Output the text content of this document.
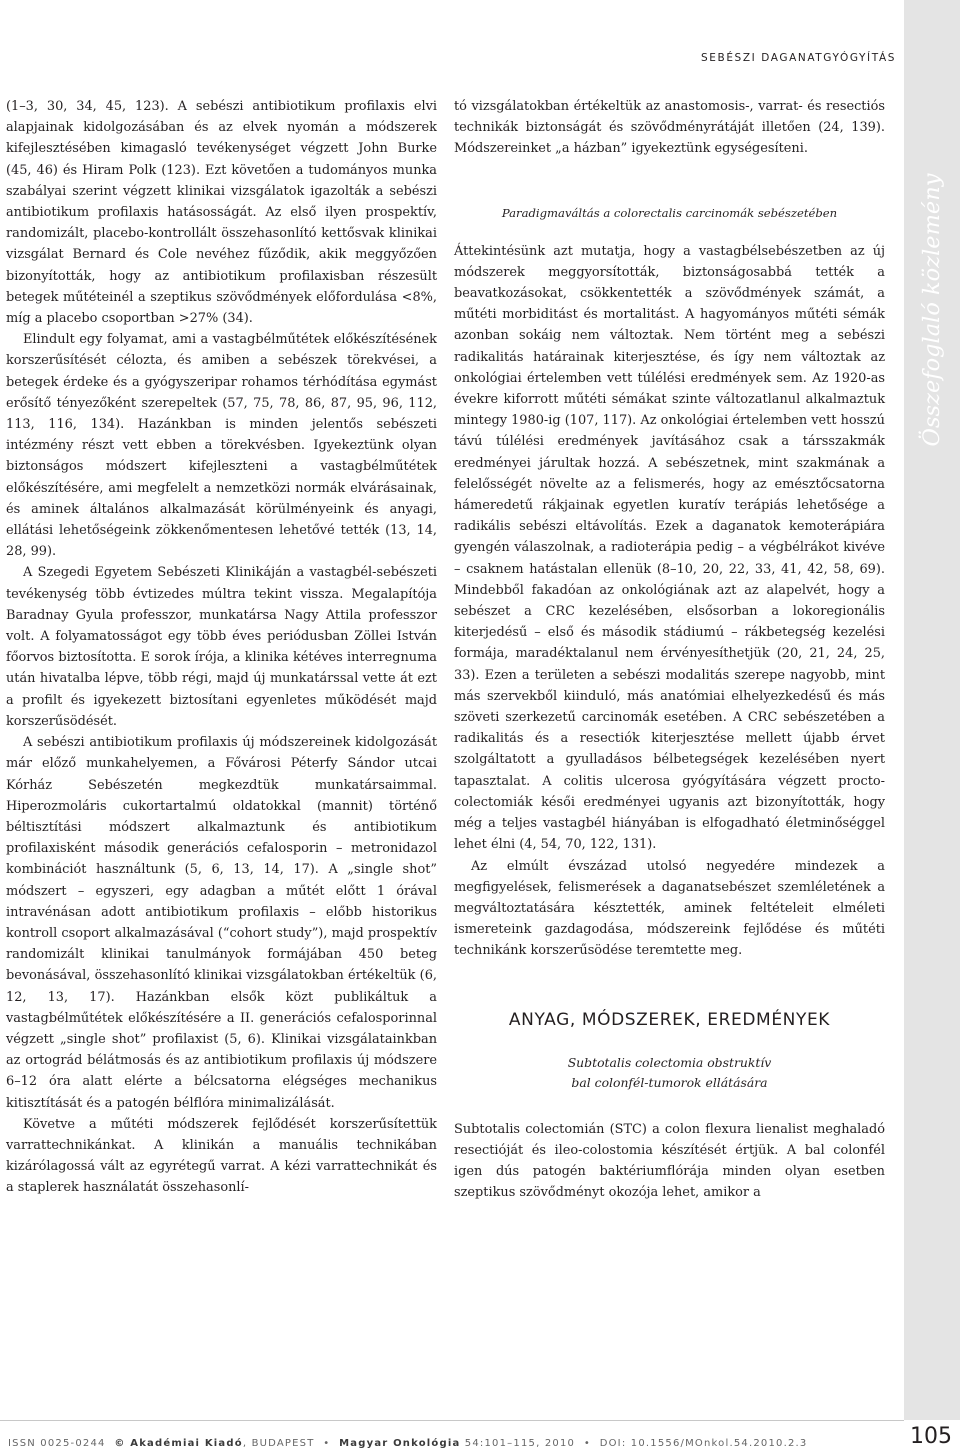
SEBÉSZI DAGANATGYÓGYÍTÁS
Összefoglaló közlemény

(1–3, 30, 34, 45, 123). A sebészi antibiotikum profilaxis elvi alapjainak kidolgozásában és az elvek nyomán a módszerek kifejlesztésében kimagasló tevékenységet végzett John Burke (45, 46) és Hiram Polk (123). Ezt követően a tudományos munka szabályai szerint végzett klinikai vizsgálatok igazolták a sebészi antibiotikum profilaxis hatásosságát. Az első ilyen prospektív, randomizált, placebo-kontrollált összehasonlító kettősvak klinikai vizsgálat Bernard és Cole nevéhez fűződik, akik meggyőzően bizonyították, hogy az antibiotikum profilaxisban részesült betegek műtéteinél a szeptikus szövődmények előfordulása <8%, míg a placebo csoportban >27% (34).

Elindult egy folyamat, ami a vastagbélműtétek előkészítésének korszerűsítését célozta, és amiben a sebészek törekvései, a betegek érdeke és a gyógyszeripar rohamos térhódítása egymást erősítő tényezőként szerepeltek (57, 75, 78, 86, 87, 95, 96, 112, 113, 116, 134). Hazánkban is minden jelentős sebészeti intézmény részt vett ebben a törekvésben. Igyekeztünk olyan biztonságos módszert kifejleszteni a vastagbélműtétek előkészítésére, ami megfelelt a nemzetközi normák elvárásainak, és aminek általános alkalmazását körülményeink és anyagi, ellátási lehetőségeink zökkenőmentesen lehetővé tették (13, 14, 28, 99).

A Szegedi Egyetem Sebészeti Klinikáján a vastagbél-sebészeti tevékenység több évtizedes múltra tekint vissza. Megalapítója Baradnay Gyula professzor, munkatársa Nagy Attila professzor volt. A folyamatosságot egy több éves periódusban Zöllei István főorvos biztosította. E sorok írója, a klinika kétéves interregnuma után hivatalba lépve, több régi, majd új munkatárssal vette át ezt a profilt és igyekezett biztosítani egyenletes működését majd korszerűsödését.

A sebészi antibiotikum profilaxis új módszereinek kidolgozását már előző munkahelyemen, a Fővárosi Péterfy Sándor utcai Kórház Sebészetén megkezdtük munkatársaimmal. Hiperozmoláris cukortartalmú oldatokkal (mannit) történő béltisztítási módszert alkalmaztunk és antibiotikum profilaxisként második generációs cefalosporin – metronidazol kombinációt használtunk (5, 6, 13, 14, 17). A „single shot” módszert – egyszeri, egy adagban a műtét előtt 1 órával intravénásan adott antibiotikum profilaxis – előbb historikus kontroll csoport alkalmazásával (“cohort study”), majd prospektív randomizált klinikai tanulmányok formájában 450 beteg bevonásával, összehasonlító klinikai vizsgálatokban értékeltük (6, 12, 13, 17). Hazánkban elsők közt publikáltuk a vastagbélműtétek előkészítésére a II. generációs cefalosporinnal végzett „single shot” profilaxist (5, 6). Klinikai vizsgálatainkban az ortográd bélátmosás és az antibiotikum profilaxis új módszere 6–12 óra alatt elérte a bélcsatorna elégséges mechanikus kitisztítását és a patogén bélflóra minimalizálását.

Követve a műtéti módszerek fejlődését korszerűsítettük varrattechnikánkat. A klinikán a manuális technikában kizárólagossá vált az egyrétegű varrat. A kézi varrattechnikát és a staplerek használatát összehasonlí-

tó vizsgálatokban értékeltük az anastomosis-, varrat- és resectiós technikák biztonságát és szövődményrátáját illetően (24, 139). Módszereinket „a házban” igyekeztünk egységesíteni.

Paradigmaváltás a colorectalis carcinomák sebészetében

Áttekintésünk azt mutatja, hogy a vastagbélsebészetben az új módszerek meggyorsították, biztonságosabbá tették a beavatkozásokat, csökkentették a szövődmények számát, a műtéti morbiditást és mortalitást. A hagyományos műtéti sémák azonban sokáig nem változtak. Nem történt meg a sebészi radikalitás határainak kiterjesztése, és így nem változtak az onkológiai értelemben vett túlélési eredmények sem. Az 1920-as évekre kiforrott műtéti sémákat szinte változatlanul alkalmaztuk mintegy 1980-ig (107, 117). Az onkológiai értelemben vett hosszú távú túlélési eredmények javításához csak a társszakmák eredményei járultak hozzá. A sebészetnek, mint szakmának a felelősségét növelte az a felismerés, hogy az emésztőcsatorna hámeredetű rákjainak egyetlen kuratív terápiás lehetősége a radikális sebészi eltávolítás. Ezek a daganatok kemoterápiára gyengén válaszolnak, a radioterápia pedig – a végbélrákot kivéve – csaknem hatástalan ellenük (8–10, 20, 22, 33, 41, 42, 58, 69). Mindebből fakadóan az onkológiának azt az alapelvét, hogy a sebészet a CRC kezelésében, elsősorban a lokoregionális kiterjedésű – első és második stádiumú – rákbetegség kezelési formája, maradéktalanul nem érvényesíthetjük (20, 21, 24, 25, 33). Ezen a területen a sebészi modalitás szerepe nagyobb, mint más szervekből kiinduló, más anatómiai elhelyezkedésű és más szöveti szerkezetű carcinomák esetében. A CRC sebészetében a radikalitás és a resectiók kiterjesztése mellett újabb érvet szolgáltatott a gyulladásos bélbetegségek kezelésében nyert tapasztalat. A colitis ulcerosa gyógyítására végzett procto-colectomiák késői eredményei ugyanis azt bizonyították, hogy még a teljes vastagbél hiányában is elfogadható életminőséggel lehet élni (4, 54, 70, 122, 131).

Az elmúlt évszázad utolsó negyedére mindezek a megfigyelések, felismerések a daganatsebészet szemléletének a megváltoztatására késztették, aminek feltételeit elméleti ismereteink gazdagodása, módszereink fejlődése és műtéti technikánk korszerűsödése teremtette meg.

ANYAG, MÓDSZEREK, EREDMÉNYEK
Subtotalis colectomia obstruktív
bal colonfél-tumorok ellátására

Subtotalis colectomián (STC) a colon flexura lienalist meghaladó resectióját és ileo-colostomia készítését értjük. A bal colonfél igen dús patogén baktériumflórája minden olyan esetben szeptikus szövődményt okozója lehet, amikor a

ISSN 0025-0244 © Akadémiai Kiadó, BUDAPEST  •  Magyar Onkológia 54:101–115, 2010  •  DOI: 10.1556/MOnkol.54.2010.2.3	105
